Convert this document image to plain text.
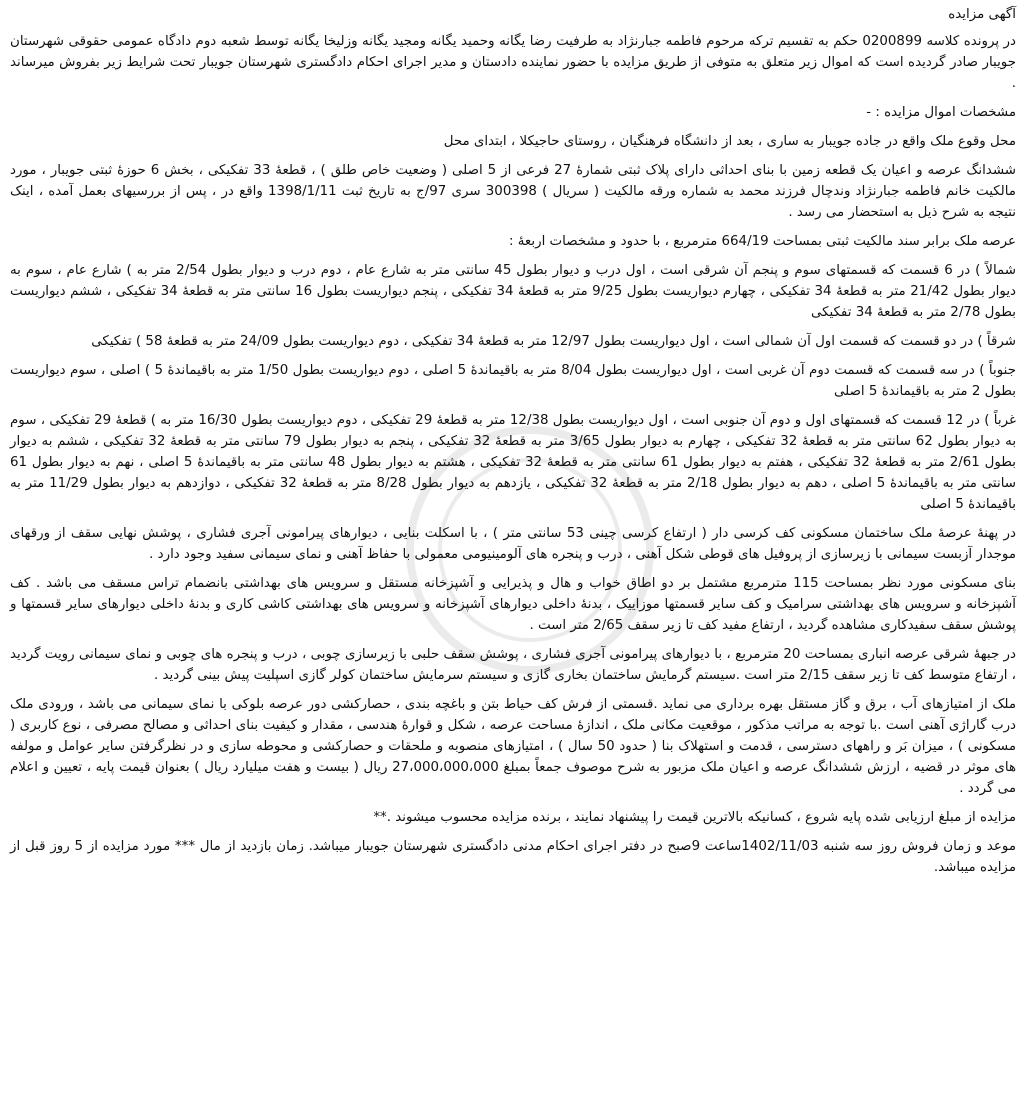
آگهی مزایده

در پرونده کلاسه 0200899 حکم به تقسیم ترکه مرحوم فاطمه جبارنژاد به طرفیت رضا یگانه وحمید یگانه ومجید یگانه وزلیخا یگانه توسط شعبه دوم دادگاه عمومی حقوقی شهرستان جویبار صادر گردیده است که اموال زیر متعلق به متوفی از طریق مزایده با حضور نماینده دادستان و مدیر اجرای احکام دادگستری شهرستان جویبار تحت شرایط زیر بفروش میرساند .

مشخصات اموال مزایده : -

محل وقوع ملک واقع در جاده جویبار به ساری ، بعد از دانشگاه فرهنگیان ، روستای حاجیکلا ، ابتدای محل

ششدانگ عرصه و اعیان یک قطعه زمین با بنای احداثی دارای پلاک ثبتی شمارۀ 27 فرعی از 5 اصلی ( وضعیت خاص طلق ) ، قطعۀ 33 تفکیکی ، بخش 6 حوزۀ ثبتی جویبار ، مورد مالکیت خانم فاطمه جبارنژاد وندچال فرزند محمد به شماره ورقه مالکیت ( سریال ) 300398 سری 97/ج به تاریخ ثبت 1398/1/11 واقع در ، پس از بررسیهای بعمل آمده ، اینک نتیجه به شرح ذیل به استحضار می رسد .

عرصه ملک برابر سند مالکیت ثبتی بمساحت 664/19 مترمربع ، با حدود و مشخصات اربعۀ :

شمالاً ) در 6 قسمت که قسمتهای سوم و پنجم آن شرقی است ، اول درب و دیوار بطول 45 سانتی متر به شارع عام ، دوم درب و دیوار بطول 2/54 متر به ) شارع عام ، سوم به دیوار بطول 21/42 متر به قطعۀ 34 تفکیکی ، چهارم دیواریست بطول 9/25 متر به قطعۀ 34 تفکیکی ، پنجم دیواریست بطول 16 سانتی متر به قطعۀ 34 تفکیکی ، ششم دیواریست بطول 2/78 متر به قطعۀ 34 تفکیکی

شرقاً ) در دو قسمت که قسمت اول آن شمالی است ، اول دیواریست بطول 12/97 متر به قطعۀ 34 تفکیکی ، دوم دیواریست بطول 24/09 متر به قطعۀ 58 ) تفکیکی

جنوباً ) در سه قسمت که قسمت دوم آن غربی است ، اول دیواریست بطول 8/04 متر به باقیماندۀ 5 اصلی ، دوم دیواریست بطول 1/50 متر به باقیماندۀ 5 ) اصلی ، سوم دیواریست بطول 2 متر به باقیماندۀ 5 اصلی

غرباً ) در 12 قسمت که قسمتهای اول و دوم آن جنوبی است ، اول دیواریست بطول 12/38 متر به قطعۀ 29 تفکیکی ، دوم دیواریست بطول 16/30 متر به ) قطعۀ 29 تفکیکی ، سوم به دیوار بطول 62 سانتی متر به قطعۀ 32 تفکیکی ، چهارم به دیوار بطول 3/65 متر به قطعۀ 32 تفکیکی ، پنجم به دیوار بطول 79 سانتی متر به قطعۀ 32 تفکیکی ، ششم به دیوار بطول 2/61 متر به قطعۀ 32 تفکیکی ، هفتم به دیوار بطول 61 سانتی متر به قطعۀ 32 تفکیکی ، هشتم به دیوار بطول 48 سانتی متر به باقیماندۀ 5 اصلی ، نهم به دیوار بطول 61 سانتی متر به باقیماندۀ 5 اصلی ، دهم به دیوار بطول 2/18 متر به قطعۀ 32 تفکیکی ، یازدهم به دیوار بطول 8/28 متر به قطعۀ 32 تفکیکی ، دوازدهم به دیوار بطول 11/29 متر به باقیماندۀ 5 اصلی

در پهنۀ عرصۀ ملک ساختمان مسکونی کف کرسی دار ( ارتفاع کرسی چینی 53 سانتی متر ) ، با اسکلت بنایی ، دیوارهای پیرامونی آجری فشاری ، پوشش نهایی سقف از ورقهای موجدار آزبست سیمانی با زیرسازی از پروفیل های قوطی شکل آهنی ، درب و پنجره های آلومینیومی معمولی با حفاظ آهنی و نمای سیمانی سفید وجود دارد .

بنای مسکونی مورد نظر بمساحت 115 مترمربع مشتمل بر دو اطاق خواب و هال و پذیرایی و آشپزخانه مستقل و سرویس های بهداشتی بانضمام تراس مسقف می باشد . کف آشپزخانه و سرویس های بهداشتی سرامیک و کف سایر قسمتها موزاییک ، بدنۀ داخلی دیوارهای آشپزخانه و سرویس های بهداشتی کاشی کاری و بدنۀ داخلی دیوارهای سایر قسمتها و پوشش سقف سفیدکاری مشاهده گردید ، ارتفاع مفید کف تا زیر سقف 2/65 متر است .

در جبهۀ شرقی عرصه انباری بمساحت 20 مترمربع ، با دیوارهای پیرامونی آجری فشاری ، پوشش سقف حلبی با زیرسازی چوبی ، درب و پنجره های چوبی و نمای سیمانی رویت گردید ، ارتفاع متوسط کف تا زیر سقف 2/15 متر است .سیستم گرمایش ساختمان بخاری گازی و سیستم سرمایش ساختمان کولر گازی اسپلیت پیش بینی گردید .

ملک از امتیازهای آب ، برق و گاز مستقل بهره برداری می نماید .قسمتی از فرش کف حیاط بتن و باغچه بندی ، حصارکشی دور عرصه بلوکی با نمای سیمانی می باشد ، ورودی ملک درب گاراژی آهنی است .با توجه به مراتب مذکور ، موقعیت مکانی ملک ، اندازۀ مساحت عرصه ، شکل و قوارۀ هندسی ، مقدار و کیفیت بنای احداثی و مصالح مصرفی ، نوع کاربری ( مسکونی ) ، میزان بَر و راههای دسترسی ، قدمت و استهلاک بنا ( حدود 50 سال ) ، امتیازهای منصوبه و ملحقات و حصارکشی و محوطه سازی و در نظرگرفتن سایر عوامل و مولفه های موثر در قضیه ، ارزش ششدانگ عرصه و اعیان ملک مزبور به شرح موصوف جمعاً بمبلغ 27،000،000،000 ریال ( بیست و هفت میلیارد ریال ) بعنوان قیمت پایه ، تعیین و اعلام می گردد .

مزایده از مبلغ ارزیابی شده پایه شروع ، کسانیکه بالاترین قیمت را پیشنهاد نمایند ، برنده مزایده محسوب میشوند .**

موعد و زمان فروش روز سه شنبه 1402/11/03ساعت 9صبح در دفتر اجرای احکام مدنی دادگستری شهرستان جویبار میباشد. زمان بازدید از مال *** مورد مزایده از 5 روز قبل از مزایده میباشد.
